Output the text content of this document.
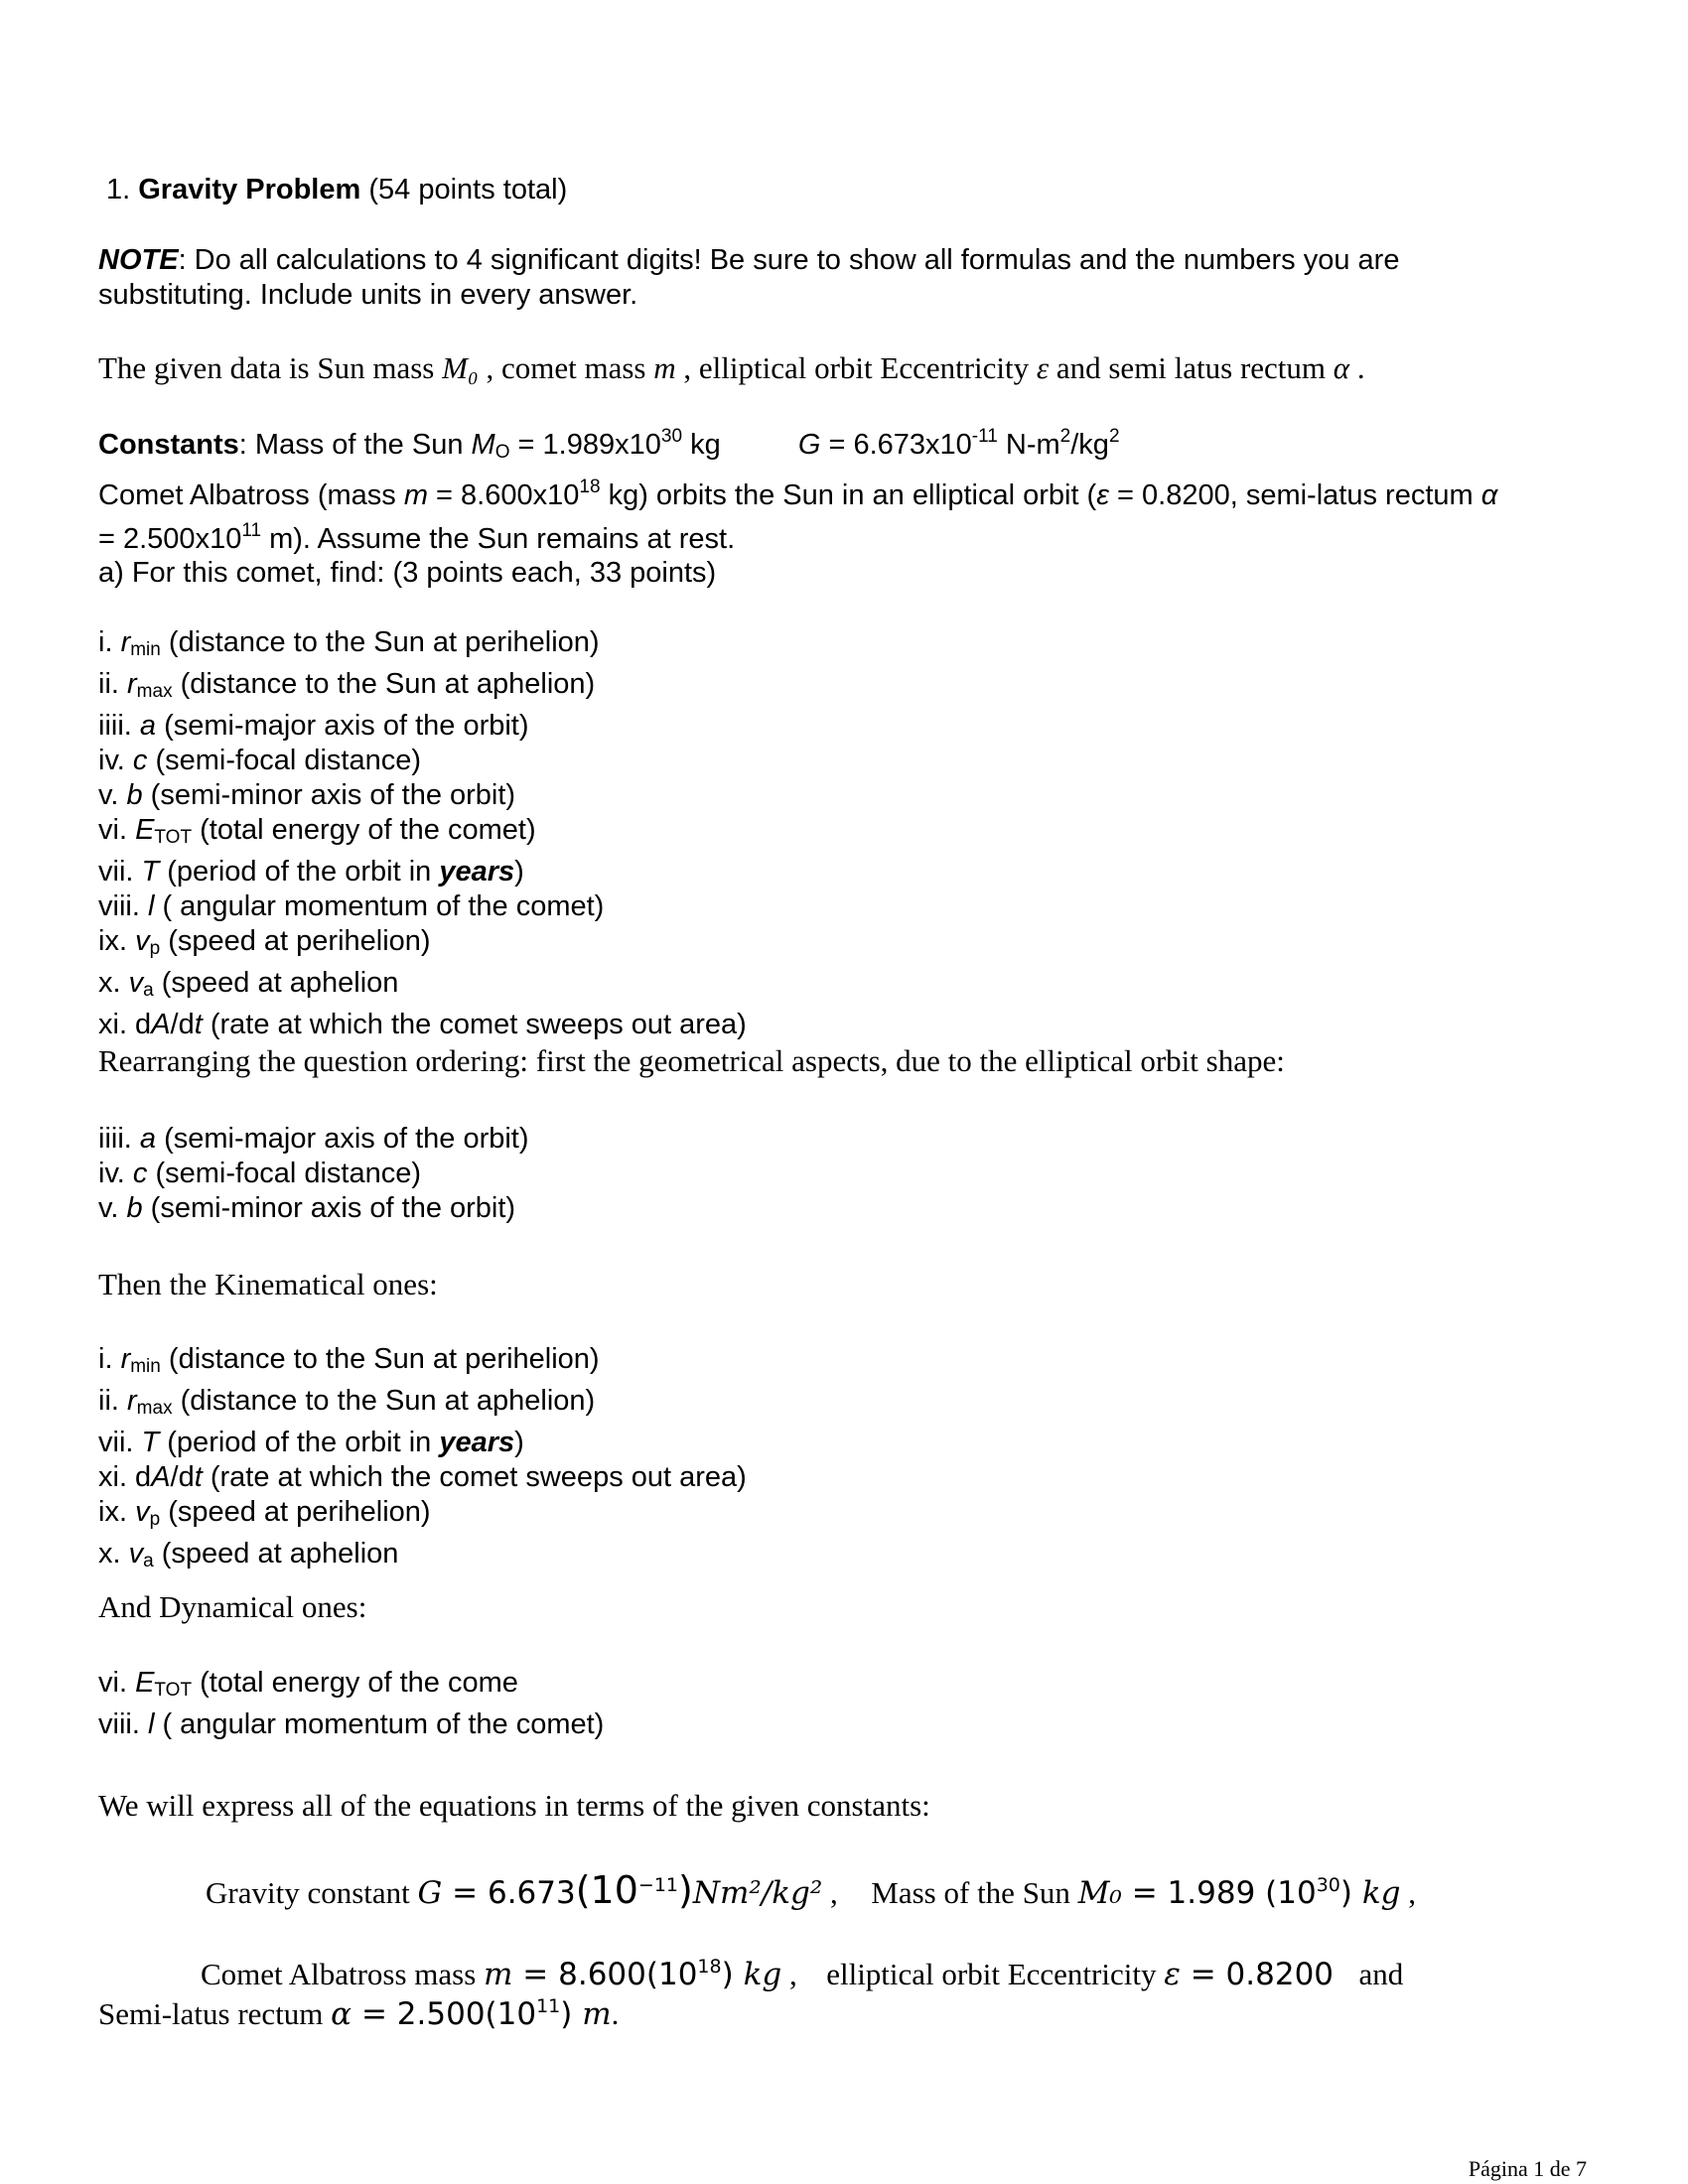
1. Gravity Problem (54 points total)
NOTE: Do all calculations to 4 significant digits! Be sure to show all formulas and the numbers you are substituting. Include units in every answer.
The given data is Sun mass M₀ , comet mass m , elliptical orbit Eccentricity ε and semi latus rectum α .
Constants: Mass of the Sun $M_O = 1.989x10^{30}$ kg	$G = 6.673x10^{-11}$ $N-m^2/kg^2$
Comet Albatross (mass $m = 8.600x10^{18}$ kg) orbits the Sun in an elliptical orbit (ε = 0.8200, semi-latus rectum α
= $2.500x10^{11}$ m). Assume the Sun remains at rest.
a) For this comet, find: (3 points each, 33 points)
i. $r_{min}$ (distance to the Sun at perihelion)
ii. $r_{max}$ (distance to the Sun at aphelion)
iiii. a (semi-major axis of the orbit)
iv. c (semi-focal distance)
v. b (semi-minor axis of the orbit)
vi. $E_{TOT}$ (total energy of the comet)
vii. T (period of the orbit in years)
viii. l ( angular momentum of the comet)
ix. $v_p$ (speed at perihelion)
x. $v_a$ (speed at aphelion
xi. dA/dt (rate at which the comet sweeps out area)
Rearranging the question ordering: first the geometrical aspects, due to the elliptical orbit shape:
iiii. a (semi-major axis of the orbit)
iv. c (semi-focal distance)
v. b (semi-minor axis of the orbit)
Then the Kinematical ones:
i. $r_{min}$ (distance to the Sun at perihelion)
ii. $r_{max}$ (distance to the Sun at aphelion)
vii. T (period of the orbit in years)
xi. dA/dt (rate at which the comet sweeps out area)
ix. $v_p$ (speed at perihelion)
x. $v_a$ (speed at aphelion
And Dynamical ones:
vi. $E_{TOT}$ (total energy of the come
viii. l ( angular momentum of the comet)
We will express all of the equations in terms of the given constants:
Gravity constant $G = 6.673(10^{-11})Nm^2$/kg² , Mass of the Sun M₀ = 1.989 $(10^{30})$ kg ,
Comet Albatross mass $m = 8.600(10^{18})$ kg , elliptical orbit Eccentricity ε = 0.8200 and
Semi-latus rectum $\alpha = 2.500(10^{11})$ m.
Página 1 de 7
